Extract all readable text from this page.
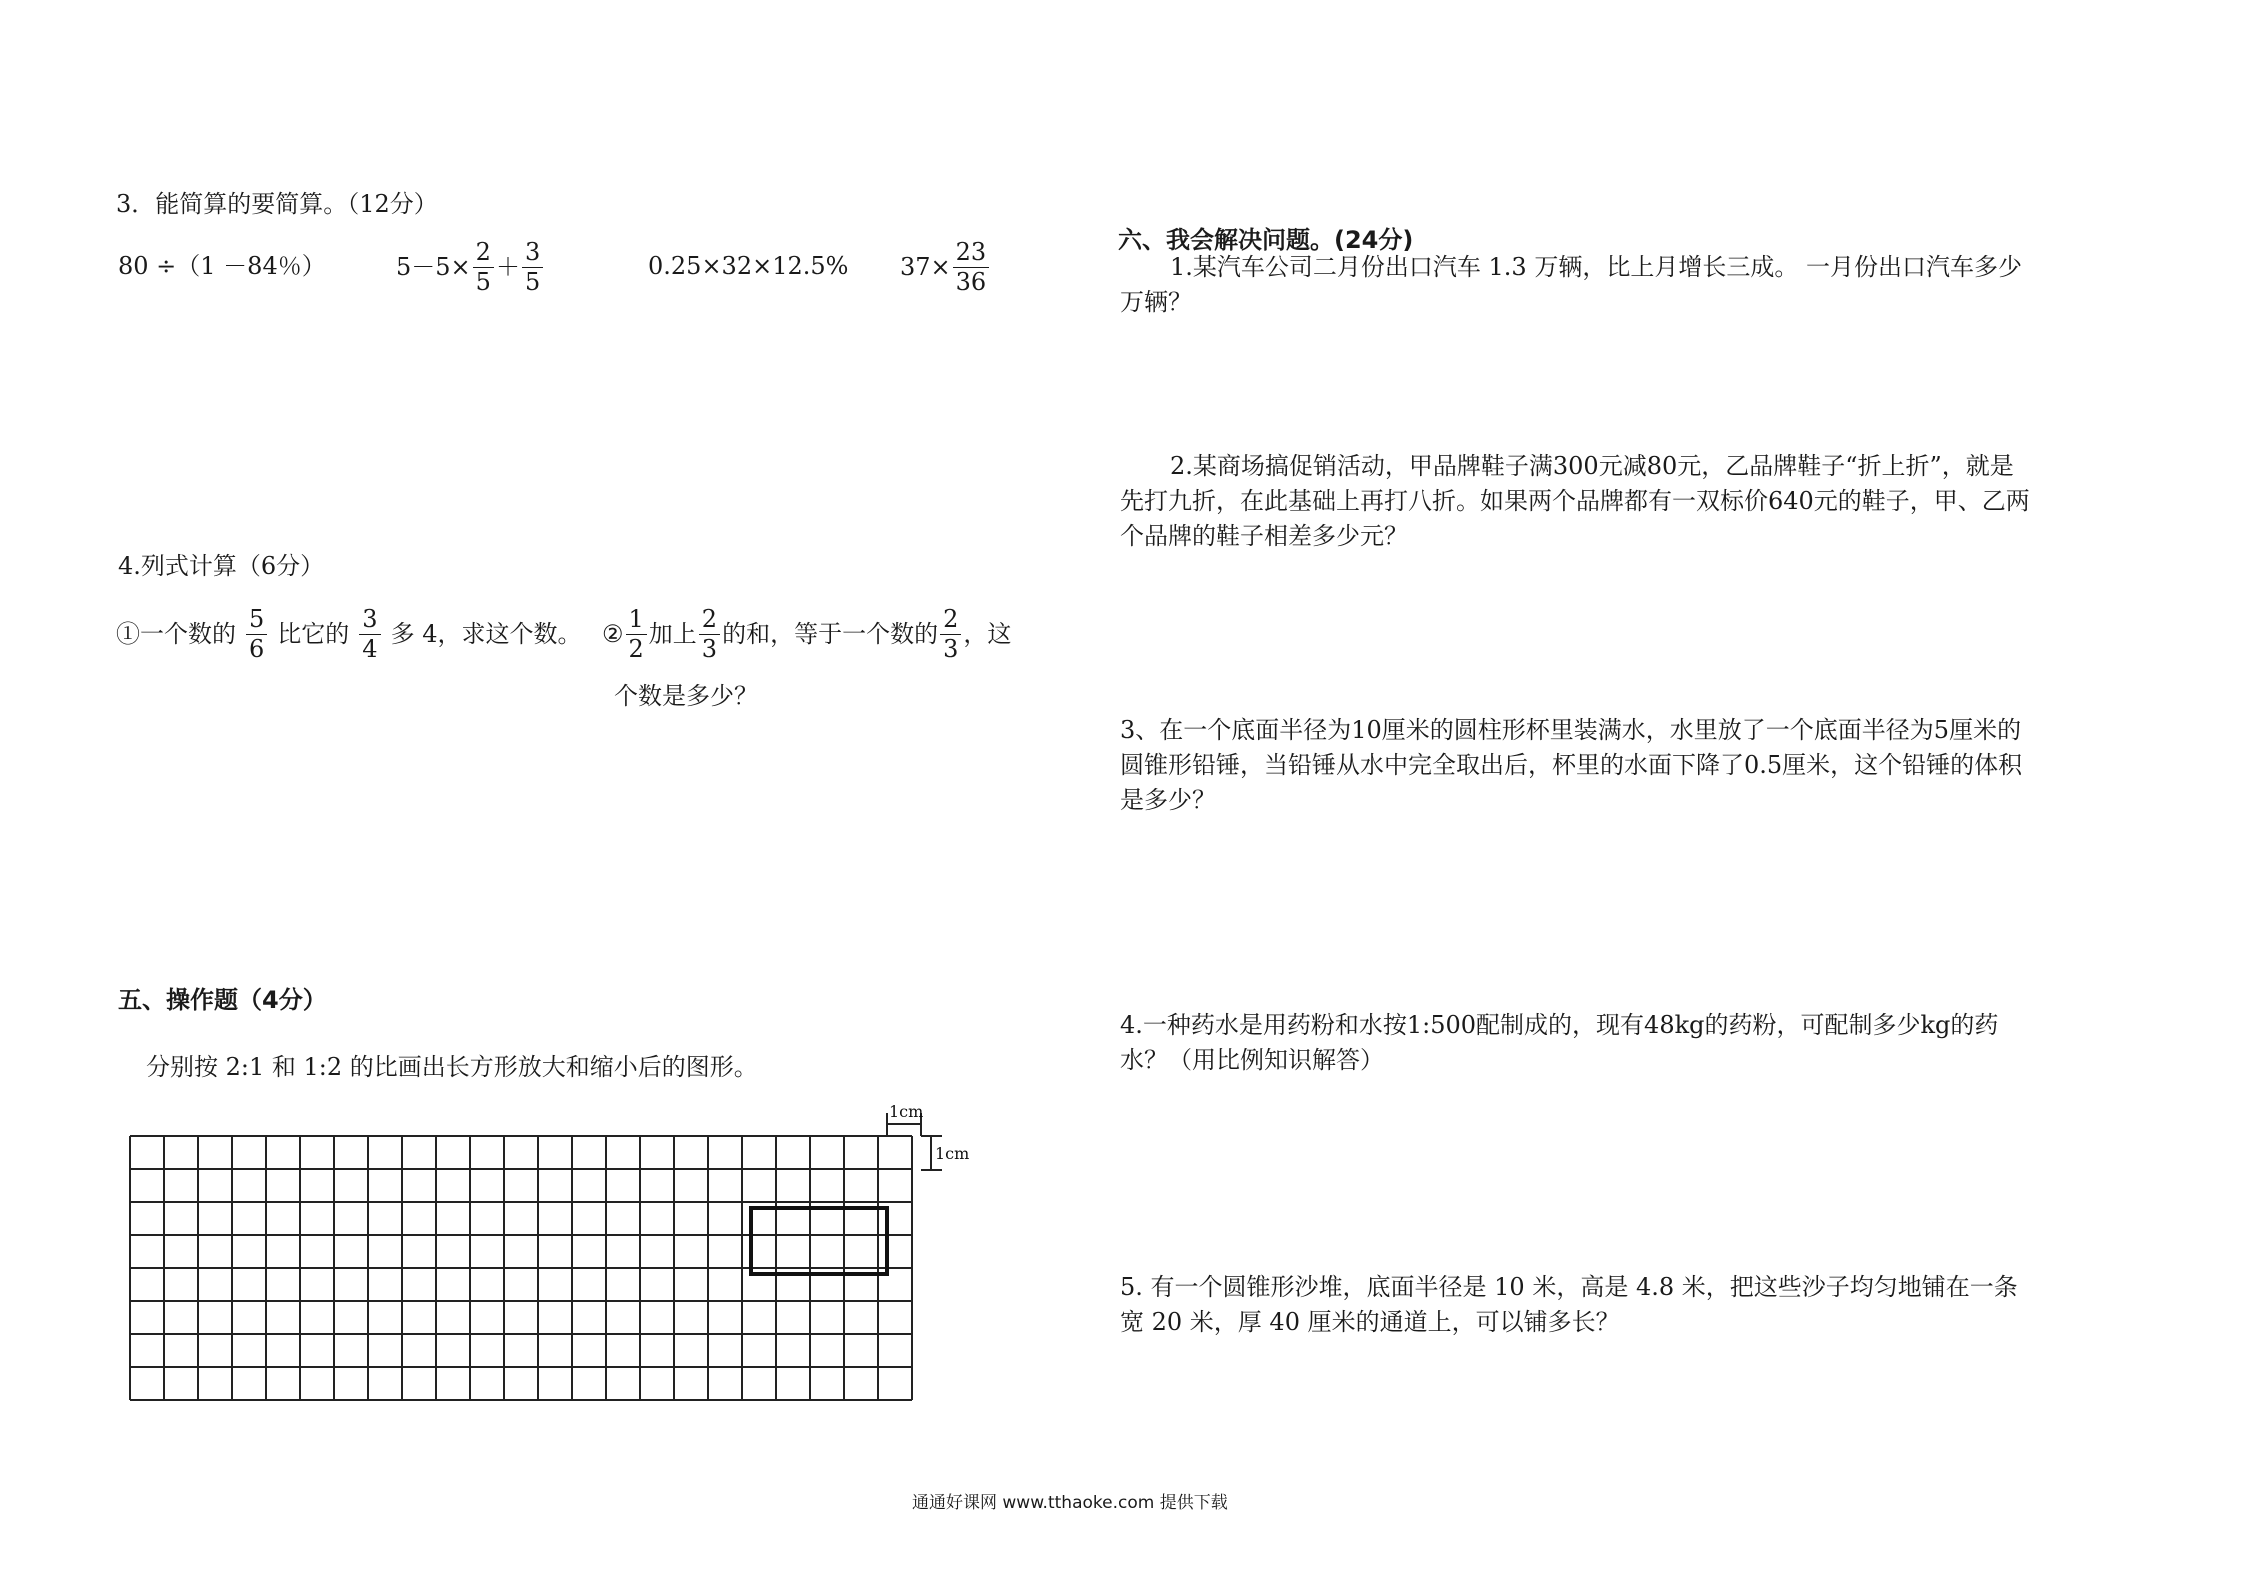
3．能简算的要简算。（12分）
80 ÷（1 －84％）	$5-5\times \frac{2}{5} + \frac{3}{5}$	0.25×32×12.5% $37\times \frac{23}{36}$
4.列式计算（6分）
①一个数的 $\frac{5}{6}$ 比它的 $\frac{3}{4}$ 多 4，求这个数。 ② $\frac{1}{2}$ 加上 $\frac{2}{3}$ 的和，等于一个数的 $\frac{2}{3}$ ，这
个数是多少？
五、操作题（4分）
分别按 2:1 和 1:2 的比画出长方形放大和缩小后的图形。
1cm
1cm
六、我会解决问题。(24分)
1.某汽车公司二月份出口汽车 1.3 万辆，比上月增长三成。 一月份出口汽车多少万辆？
2.某商场搞促销活动，甲品牌鞋子满300元减80元，乙品牌鞋子“折上折”，就是先打九折，在此基础上再打八折。如果两个品牌都有一双标价640元的鞋子，甲、乙两个品牌的鞋子相差多少元？
3、在一个底面半径为10厘米的圆柱形杯里装满水，水里放了一个底面半径为5厘米的圆锥形铅锤，当铅锤从水中完全取出后，杯里的水面下降了0.5厘米，这个铅锤的体积是多少？
4.一种药水是用药粉和水按1:500配制成的，现有48kg的药粉，可配制多少kg的药水？（用比例知识解答）
5. 有一个圆锥形沙堆，底面半径是 10 米，高是 4.8 米，把这些沙子均匀地铺在一条宽 20 米，厚 40 厘米的通道上，可以铺多长？
通通好课网 www.tthaoke.com 提供下载
